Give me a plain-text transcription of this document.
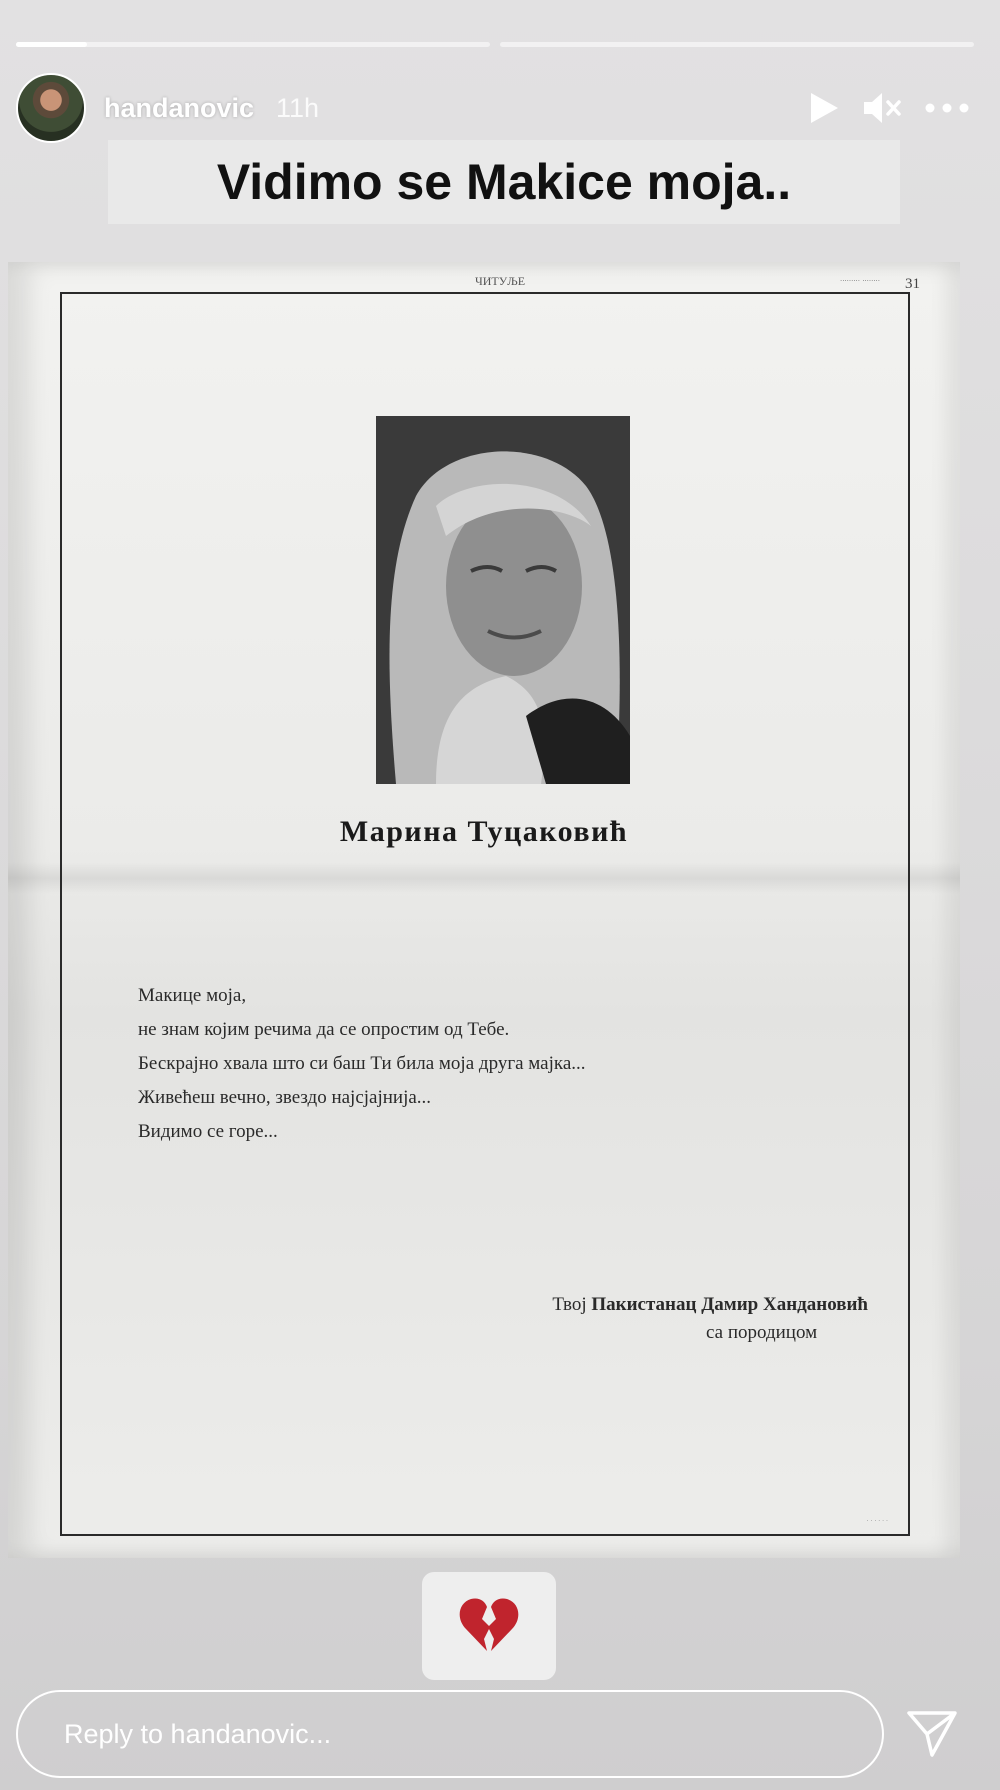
handanovic 11h
Vidimo se Makice moja..
ЧИТУЉЕ	......... ........ 31
Марина Туцаковић
Макице моја,
не знам којим речима да се опростим од Тебе.
Бескрајно хвала што си баш Ти била моја друга мајка...
Живећеш вечно, звездо најсјајнија...
Видимо се горе...
Твој Пакистанац Дамир Хандановић
са породицом
. . . . . .
Reply to handanovic...
